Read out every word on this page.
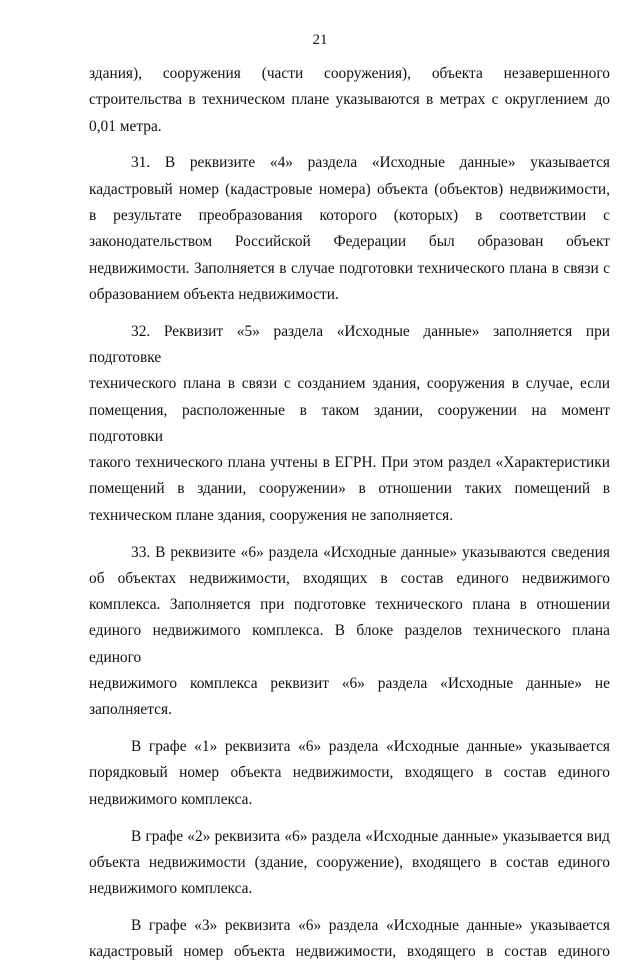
21

здания), сооружения (части сооружения), объекта незавершенного
строительства в техническом плане указываются в метрах с округлением до
0,01 метра.

31. В реквизите «4» раздела «Исходные данные» указывается
кадастровый номер (кадастровые номера) объекта (объектов) недвижимости,
в результате преобразования которого (которых) в соответствии с
законодательством Российской Федерации был образован объект
недвижимости. Заполняется в случае подготовки технического плана в связи с
образованием объекта недвижимости.

32. Реквизит «5» раздела «Исходные данные» заполняется при подготовке
технического плана в связи с созданием здания, сооружения в случае, если
помещения, расположенные в таком здании, сооружении на момент подготовки
такого технического плана учтены в ЕГРН. При этом раздел «Характеристики
помещений в здании, сооружении» в отношении таких помещений в
техническом плане здания, сооружения не заполняется.

33. В реквизите «6» раздела «Исходные данные» указываются сведения
об объектах недвижимости, входящих в состав единого недвижимого
комплекса. Заполняется при подготовке технического плана в отношении
единого недвижимого комплекса. В блоке разделов технического плана единого
недвижимого комплекса реквизит «6» раздела «Исходные данные» не
заполняется.

В графе «1» реквизита «6» раздела «Исходные данные» указывается
порядковый номер объекта недвижимости, входящего в состав единого
недвижимого комплекса.

В графе «2» реквизита «6» раздела «Исходные данные» указывается вид
объекта недвижимости (здание, сооружение), входящего в состав единого
недвижимого комплекса.

В графе «3» реквизита «6» раздела «Исходные данные» указывается
кадастровый номер объекта недвижимости, входящего в состав единого
